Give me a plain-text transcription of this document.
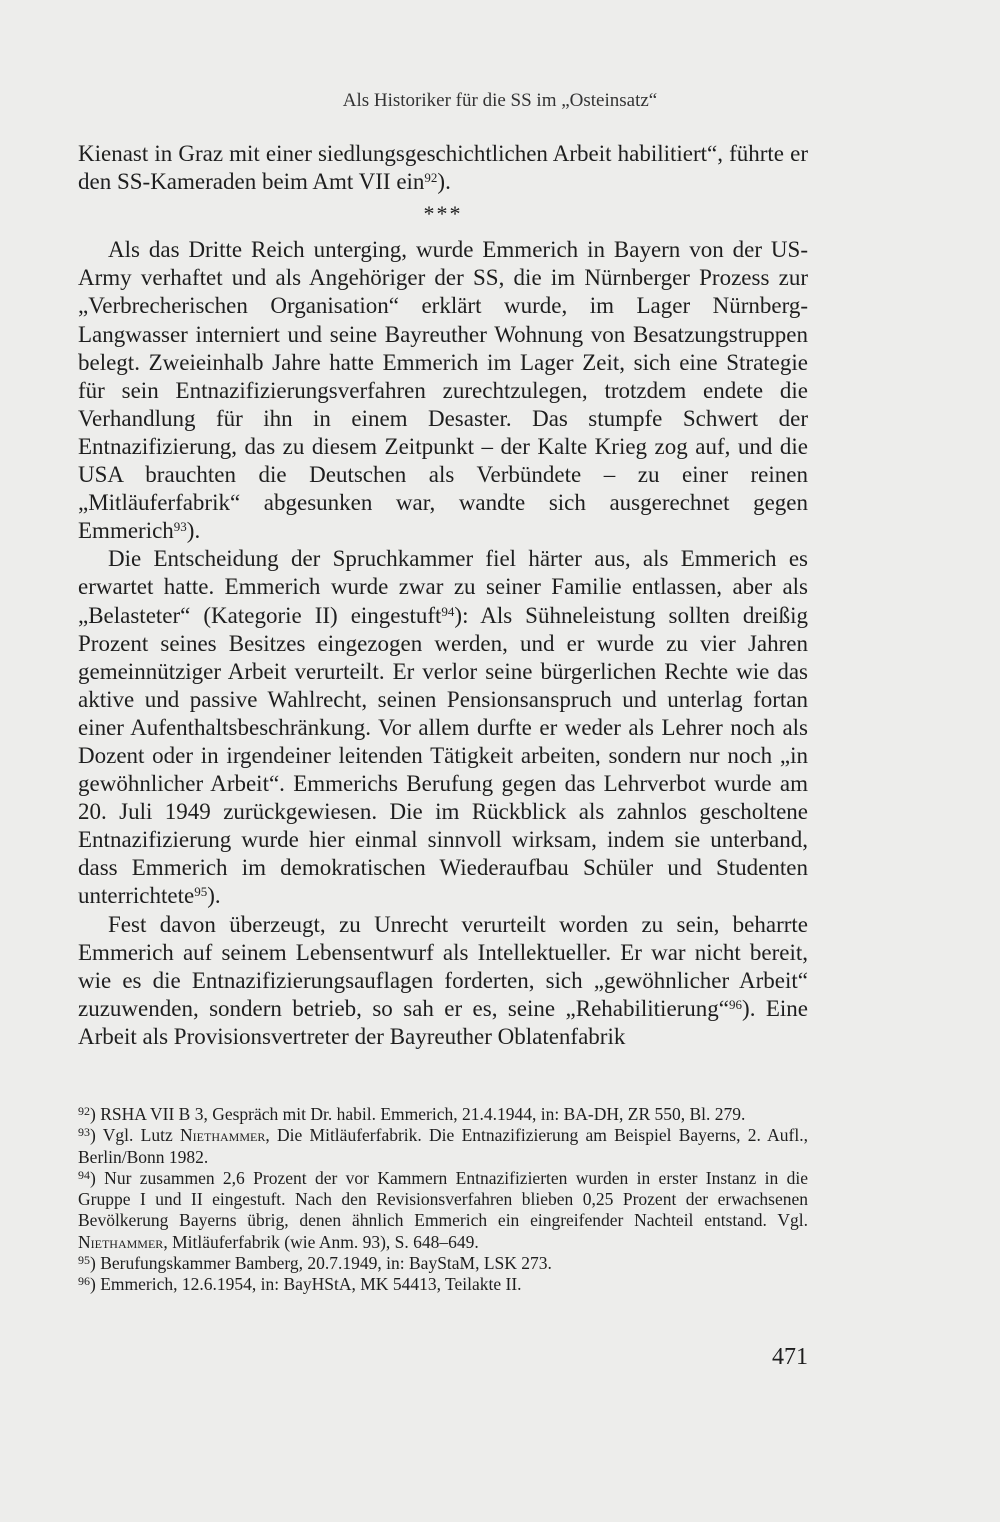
Als Historiker für die SS im „Osteinsatz“

Kienast in Graz mit einer siedlungsgeschichtlichen Arbeit habilitiert“, führte er den SS-Kameraden beim Amt VII ein$^{92}$).

***

Als das Dritte Reich unterging, wurde Emmerich in Bayern von der US-Army verhaftet und als Angehöriger der SS, die im Nürnberger Prozess zur „Verbrecherischen Organisation“ erklärt wurde, im Lager Nürnberg-Langwasser interniert und seine Bayreuther Wohnung von Besatzungstruppen belegt. Zweieinhalb Jahre hatte Emmerich im Lager Zeit, sich eine Strategie für sein Entnazifizierungsverfahren zurechtzulegen, trotzdem endete die Verhandlung für ihn in einem Desaster. Das stumpfe Schwert der Entnazifizierung, das zu diesem Zeitpunkt – der Kalte Krieg zog auf, und die USA brauchten die Deutschen als Verbündete – zu einer reinen „Mitläuferfabrik“ abgesunken war, wandte sich ausgerechnet gegen Emmerich$^{93}$).

Die Entscheidung der Spruchkammer fiel härter aus, als Emmerich es erwartet hatte. Emmerich wurde zwar zu seiner Familie entlassen, aber als „Belasteter“ (Kategorie II) eingestuft$^{94}$): Als Sühneleistung sollten dreißig Prozent seines Besitzes eingezogen werden, und er wurde zu vier Jahren gemeinnütziger Arbeit verurteilt. Er verlor seine bürgerlichen Rechte wie das aktive und passive Wahlrecht, seinen Pensionsanspruch und unterlag fortan einer Aufenthaltsbeschränkung. Vor allem durfte er weder als Lehrer noch als Dozent oder in irgendeiner leitenden Tätigkeit arbeiten, sondern nur noch „in gewöhnlicher Arbeit“. Emmerichs Berufung gegen das Lehrverbot wurde am 20. Juli 1949 zurückgewiesen. Die im Rückblick als zahnlos gescholtene Entnazifizierung wurde hier einmal sinnvoll wirksam, indem sie unterband, dass Emmerich im demokratischen Wiederaufbau Schüler und Studenten unterrichtete$^{95}$).

Fest davon überzeugt, zu Unrecht verurteilt worden zu sein, beharrte Emmerich auf seinem Lebensentwurf als Intellektueller. Er war nicht bereit, wie es die Entnazifizierungsauflagen forderten, sich „gewöhnlicher Arbeit“ zuzuwenden, sondern betrieb, so sah er es, seine „Rehabilitierung“$^{96}$). Eine Arbeit als Provisionsvertreter der Bayreuther Oblatenfabrik

$^{92}$) RSHA VII B 3, Gespräch mit Dr. habil. Emmerich, 21.4.1944, in: BA-DH, ZR 550, Bl. 279.

$^{93}$) Vgl. Lutz Niethammer, Die Mitläuferfabrik. Die Entnazifizierung am Beispiel Bayerns, 2. Aufl., Berlin/Bonn 1982.

$^{94}$) Nur zusammen 2,6 Prozent der vor Kammern Entnazifizierten wurden in erster Instanz in die Gruppe I und II eingestuft. Nach den Revisionsverfahren blieben 0,25 Prozent der erwachsenen Bevölkerung Bayerns übrig, denen ähnlich Emmerich ein eingreifender Nachteil entstand. Vgl. Niethammer, Mitläuferfabrik (wie Anm. 93), S. 648–649.

$^{95}$) Berufungskammer Bamberg, 20.7.1949, in: BayStaM, LSK 273.

$^{96}$) Emmerich, 12.6.1954, in: BayHStA, MK 54413, Teilakte II.

471
